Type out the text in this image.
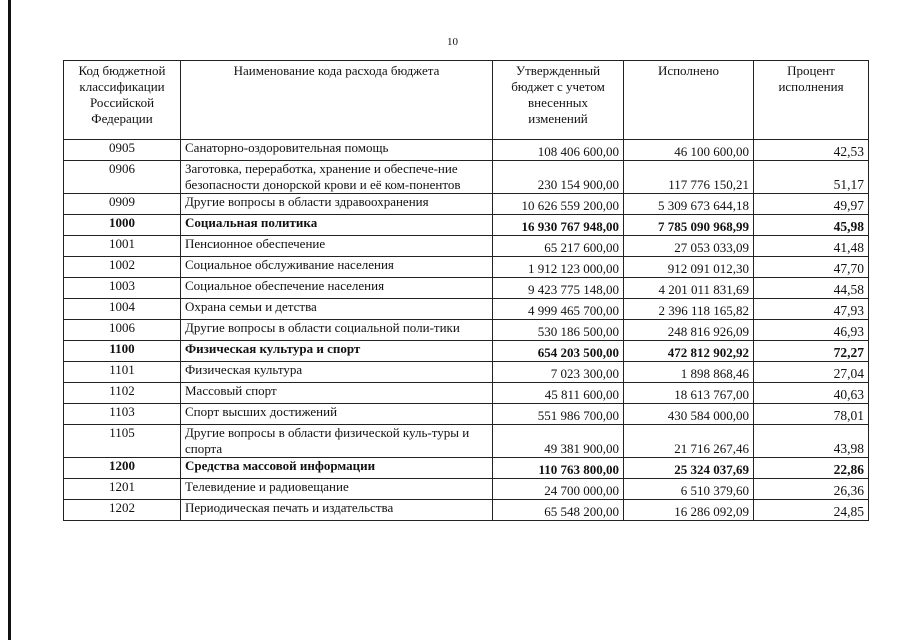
10
Код бюджетной классификации Российской Федерации	Наименование кода расхода бюджета	Утвержденный бюджет с учетом внесенных изменений	Исполнено	Процент исполнения
0905	Санаторно-оздоровительная помощь	108 406 600,00	46 100 600,00	42,53
0906	Заготовка, переработка, хранение и обеспече-ние безопасности донорской крови и её ком-понентов	230 154 900,00	117 776 150,21	51,17
0909	Другие вопросы в области здравоохранения	10 626 559 200,00	5 309 673 644,18	49,97
1000	Социальная политика	16 930 767 948,00	7 785 090 968,99	45,98
1001	Пенсионное обеспечение	65 217 600,00	27 053 033,09	41,48
1002	Социальное обслуживание населения	1 912 123 000,00	912 091 012,30	47,70
1003	Социальное обеспечение населения	9 423 775 148,00	4 201 011 831,69	44,58
1004	Охрана семьи и детства	4 999 465 700,00	2 396 118 165,82	47,93
1006	Другие вопросы в области социальной поли-тики	530 186 500,00	248 816 926,09	46,93
1100	Физическая культура и спорт	654 203 500,00	472 812 902,92	72,27
1101	Физическая культура	7 023 300,00	1 898 868,46	27,04
1102	Массовый спорт	45 811 600,00	18 613 767,00	40,63
1103	Спорт высших достижений	551 986 700,00	430 584 000,00	78,01
1105	Другие вопросы в области физической куль-туры и спорта	49 381 900,00	21 716 267,46	43,98
1200	Средства массовой информации	110 763 800,00	25 324 037,69	22,86
1201	Телевидение и радиовещание	24 700 000,00	6 510 379,60	26,36
1202	Периодическая печать и издательства	65 548 200,00	16 286 092,09	24,85
